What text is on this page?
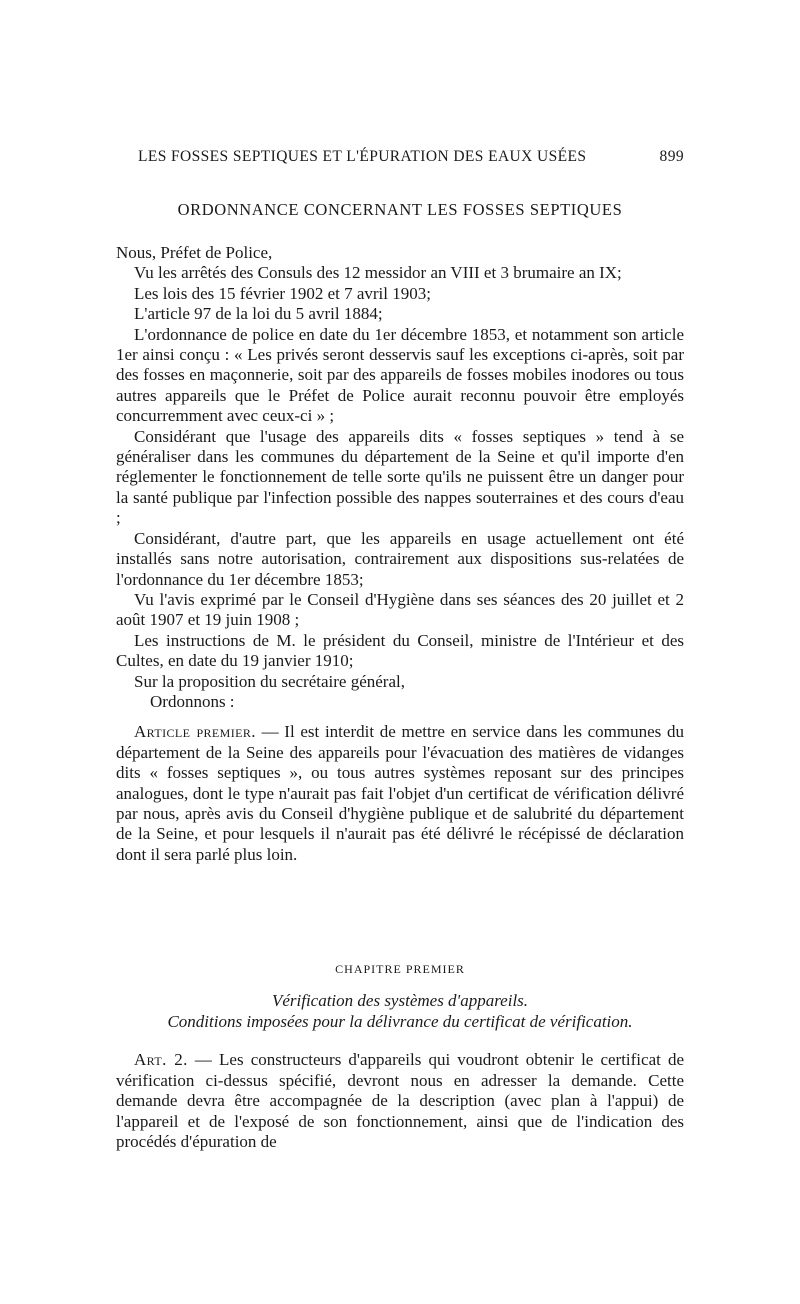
LES FOSSES SEPTIQUES ET L'ÉPURATION DES EAUX USÉES	899
ORDONNANCE CONCERNANT LES FOSSES SEPTIQUES

Nous, Préfet de Police,

Vu les arrêtés des Consuls des 12 messidor an VIII et 3 brumaire an IX;

Les lois des 15 février 1902 et 7 avril 1903;

L'article 97 de la loi du 5 avril 1884;

L'ordonnance de police en date du 1er décembre 1853, et notamment son article 1er ainsi conçu : « Les privés seront desservis sauf les exceptions ci-après, soit par des fosses en maçonnerie, soit par des appareils de fosses mobiles inodores ou tous autres appareils que le Préfet de Police aurait reconnu pouvoir être employés concurremment avec ceux-ci » ;

Considérant que l'usage des appareils dits « fosses septiques » tend à se généraliser dans les communes du département de la Seine et qu'il importe d'en réglementer le fonctionnement de telle sorte qu'ils ne puissent être un danger pour la santé publique par l'infection possible des nappes souterraines et des cours d'eau ;

Considérant, d'autre part, que les appareils en usage actuellement ont été installés sans notre autorisation, contrairement aux dispositions sus-relatées de l'ordonnance du 1er décembre 1853;

Vu l'avis exprimé par le Conseil d'Hygiène dans ses séances des 20 juillet et 2 août 1907 et 19 juin 1908 ;

Les instructions de M. le président du Conseil, ministre de l'Intérieur et des Cultes, en date du 19 janvier 1910;

Sur la proposition du secrétaire général,

Ordonnons :

Article premier. — Il est interdit de mettre en service dans les communes du département de la Seine des appareils pour l'évacuation des matières de vidanges dits « fosses septiques », ou tous autres systèmes reposant sur des principes analogues, dont le type n'aurait pas fait l'objet d'un certificat de vérification délivré par nous, après avis du Conseil d'hygiène publique et de salubrité du département de la Seine, et pour lesquels il n'aurait pas été délivré le récépissé de déclaration dont il sera parlé plus loin.

CHAPITRE PREMIER
Vérification des systèmes d'appareils.
Conditions imposées pour la délivrance du certificat de vérification.

Art. 2. — Les constructeurs d'appareils qui voudront obtenir le certificat de vérification ci-dessus spécifié, devront nous en adresser la demande. Cette demande devra être accompagnée de la description (avec plan à l'appui) de l'appareil et de l'exposé de son fonctionnement, ainsi que de l'indication des procédés d'épuration de
